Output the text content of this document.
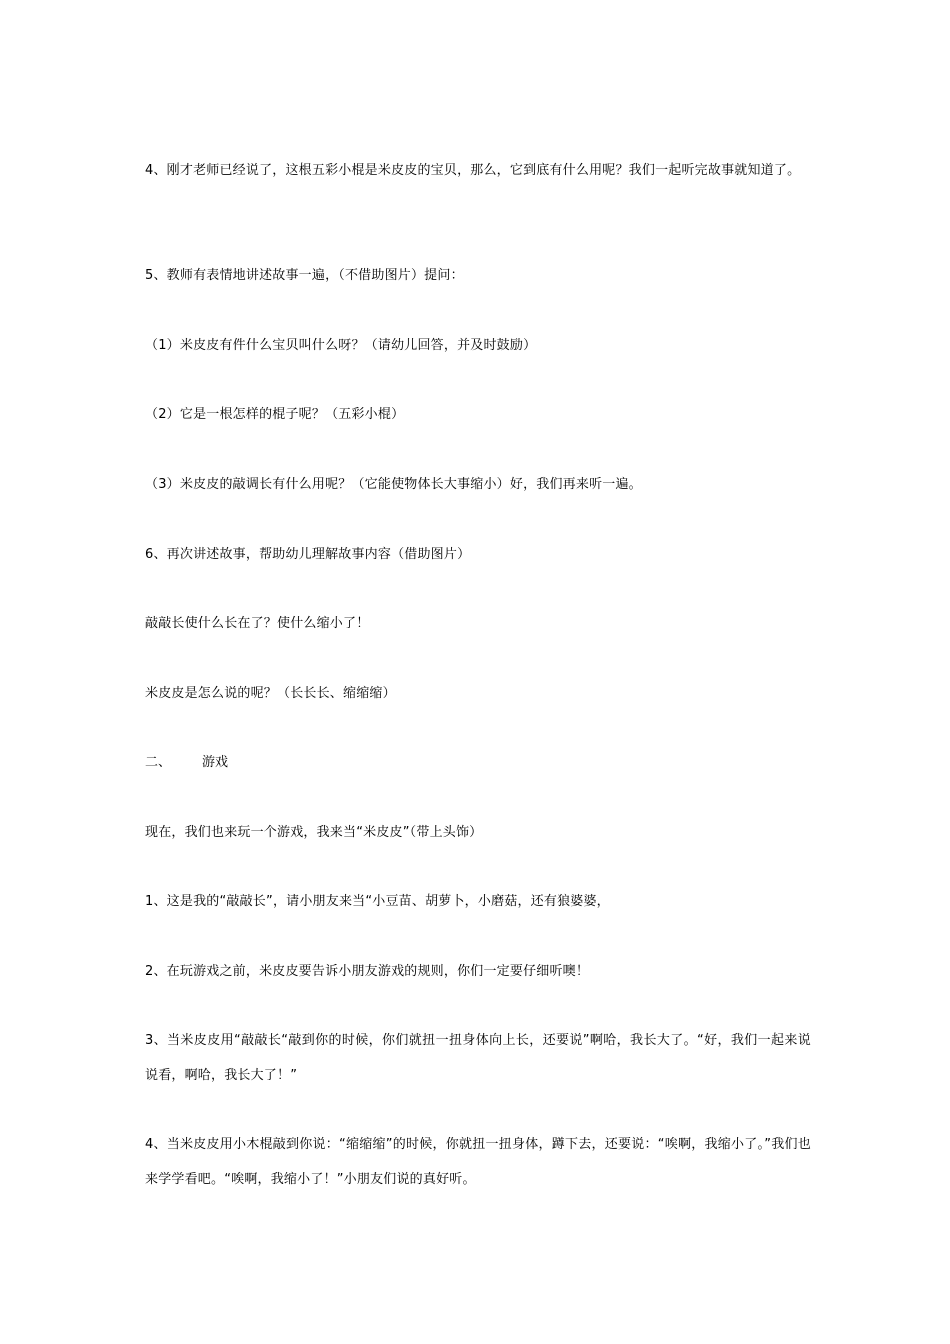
4、刚才老师已经说了，这根五彩小棍是米皮皮的宝贝，那么，它到底有什么用呢？我们一起听完故事就知道了。

5、教师有表情地讲述故事一遍，（不借助图片）提问：

（1）米皮皮有件什么宝贝叫什么呀？（请幼儿回答，并及时鼓励）

（2）它是一根怎样的棍子呢？（五彩小棍）

（3）米皮皮的敲调长有什么用呢？（它能使物体长大事缩小）好，我们再来听一遍。

6、再次讲述故事，帮助幼儿理解故事内容（借助图片）

敲敲长使什么长在了？使什么缩小了！

米皮皮是怎么说的呢？（长长长、缩缩缩）

二、 游戏

现在，我们也来玩一个游戏，我来当“米皮皮”（带上头饰）

1、这是我的“敲敲长”，请小朋友来当“小豆苗、胡萝卜，小磨菇，还有狼婆婆，

2、在玩游戏之前，米皮皮要告诉小朋友游戏的规则，你们一定要仔细听噢！

3、当米皮皮用“敲敲长“敲到你的时候，你们就扭一扭身体向上长，还要说”啊哈，我长大了。“好，我们一起来说说看，啊哈，我长大了！”

4、当米皮皮用小木棍敲到你说：“缩缩缩”的时候，你就扭一扭身体，蹲下去，还要说：“唉啊，我缩小了。”我们也来学学看吧。“唉啊，我缩小了！”小朋友们说的真好听。
